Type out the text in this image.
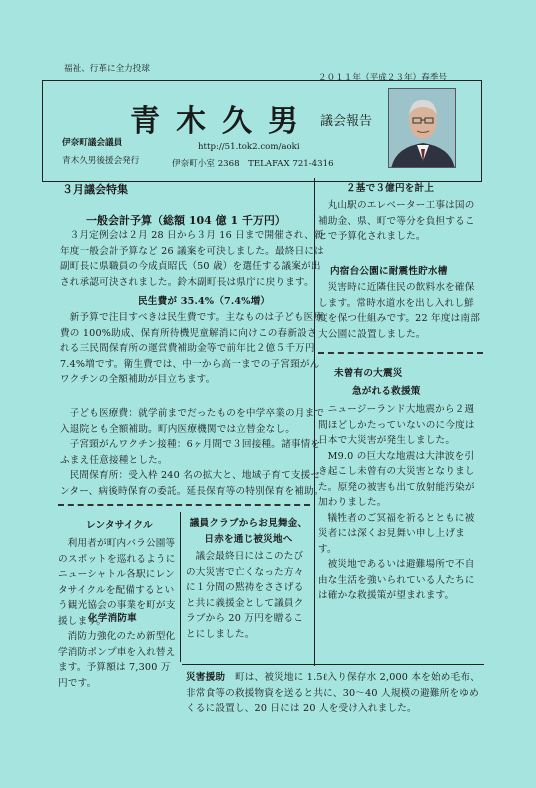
福祉、行革に全力投球
２０１１年（平成２３年）春季号
青木久男 議会報告
伊奈町議会議員	http://51.tok2.com/aoki
青木久男後援会発行	伊奈町小室 2368　TELAFAX 721-4316
３月議会特集
一般会計予算（総額 104 億 1 千万円）

３月定例会は２月 28 日から３月 16 日まで開催され、新年度一般会計予算など 26 議案を可決しました。最終日には副町長に県職員の今成貞昭氏（50 歳）を選任する議案が出され承認可決されました。鈴木副町長は県庁に戻ります。

民生費が 35.4%（7.4%増）

新予算で注目すべきは民生費です。主なものは子ども医療費の 100%助成、保育所待機児童解消に向けこの春新設される三民間保育所の運営費補助金等で前年比２億５千万円 7.4%増です。衛生費では、中一から高一までの子宮頸がんワクチンの全額補助が目立ちます。

子ども医療費：就学前までだったものを中学卒業の月まで入退院とも全額補助。町内医療機関では立替金なし。

子宮頸がんワクチン接種：6ヶ月間で３回接種。諸事情をふまえ任意接種とした。

民間保育所：受入枠 240 名の拡大と、地域子育て支援センター、病後時保育の委託。延長保育等の特別保育を補助。

レンタサイクル

利用者が町内バラ公園等のスポットを巡れるようにニューシャトル各駅にレンタサイクルを配備するという観光協会の事業を町が支援します。

化学消防車

消防力強化のため新型化学消防ポンプ車を入れ替えます。予算額は 7,300 万円です。

議員クラブからお見舞金、日赤を通じ被災地へ

議会最終日にはこのたびの大災害で亡くなった方々に１分間の黙祷をささげると共に義援金として議員クラブから 20 万円を贈ることにしました。

２基で３億円を計上

丸山駅のエレベーター工事は国の補助金、県、町で等分を負担することで予算化されました。

内宿台公園に耐震性貯水槽

災害時に近隣住民の飲料水を確保します。常時水道水を出し入れし鮮度を保つ仕組みです。22 年度は南部大公園に設置しました。

未曾有の大震災
急がれる救援策

ニュージーランド大地震から２週間ほどしかたっていないのに今度は日本で大災害が発生しました。

M9.0 の巨大な地震は大津波を引き起こし未曾有の大災害となりました。原発の被害も出て放射能汚染が加わりました。

犠牲者のご冥福を祈るとともに被災者には深くお見舞い申し上げます。

被災地であるいは避難場所で不自由な生活を強いられている人たちには確かな救援策が望まれます。

災害援助　町は、被災地に 1.5ℓ入り保存水 2,000 本を始め毛布、非常食等の救援物資を送ると共に、30～40 人規模の避難所をゆめくるに設置し、20 日には 20 人を受け入れました。
